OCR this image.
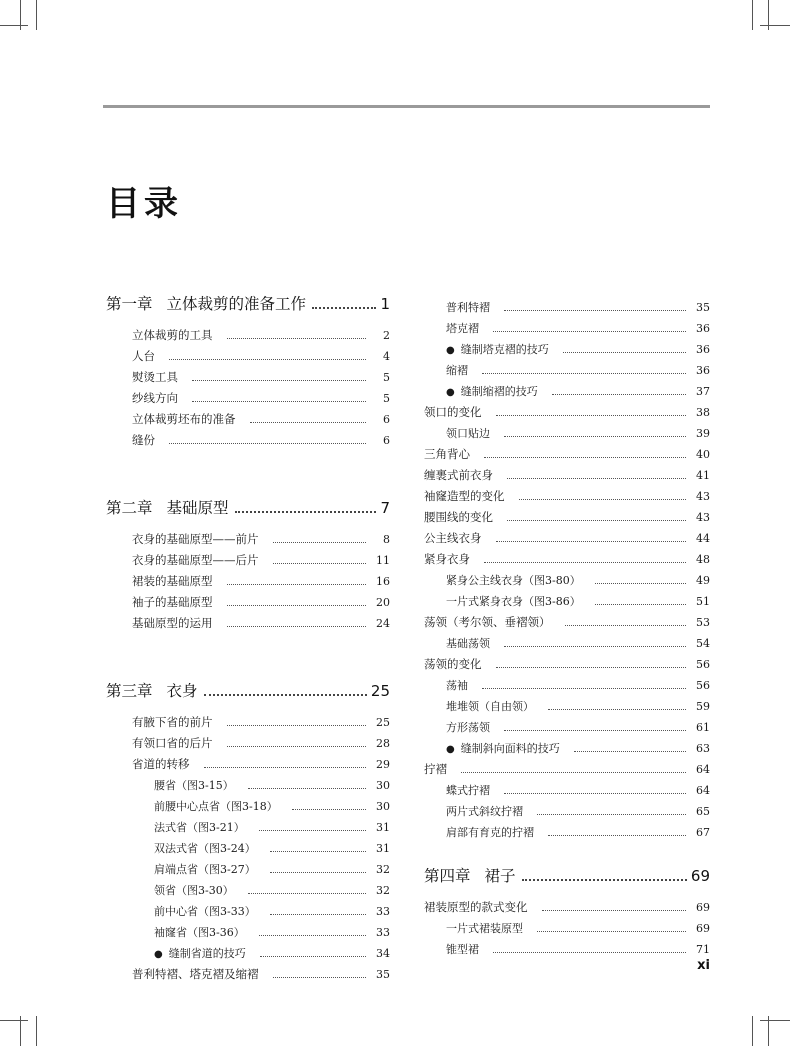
目录
第一章 立体裁剪的准备工作	1
立体裁剪的工具	2
人台	4
熨烫工具	5
纱线方向	5
立体裁剪坯布的准备	6
缝份	6
第二章 基础原型	7
衣身的基础原型——前片	8
衣身的基础原型——后片	11
裙装的基础原型	16
袖子的基础原型	20
基础原型的运用	24
第三章 衣身	25
有腋下省的前片	25
有领口省的后片	28
省道的转移	29
腰省（图3-15）	30
前腰中心点省（图3-18）	30
法式省（图3-21）	31
双法式省（图3-24）	31
肩端点省（图3-27）	32
领省（图3-30）	32
前中心省（图3-33）	33
袖窿省（图3-36）	33
● 缝制省道的技巧	34
普利特褶、塔克褶及缩褶	35
普利特褶	35
塔克褶	36
● 缝制塔克褶的技巧	36
缩褶	36
● 缝制缩褶的技巧	37
领口的变化	38
领口贴边	39
三角背心	40
缠裹式前衣身	41
袖窿造型的变化	43
腰围线的变化	43
公主线衣身	44
紧身衣身	48
紧身公主线衣身（图3-80）	49
一片式紧身衣身（图3-86）	51
荡领（考尔领、垂褶领）	53
基础荡领	54
荡领的变化	56
荡袖	56
堆堆领（自由领）	59
方形荡领	61
● 缝制斜向面料的技巧	63
拧褶	64
蝶式拧褶	64
两片式斜纹拧褶	65
肩部有育克的拧褶	67
第四章 裙子	69
裙装原型的款式变化	69
一片式裙装原型	69
锥型裙	71
xi
